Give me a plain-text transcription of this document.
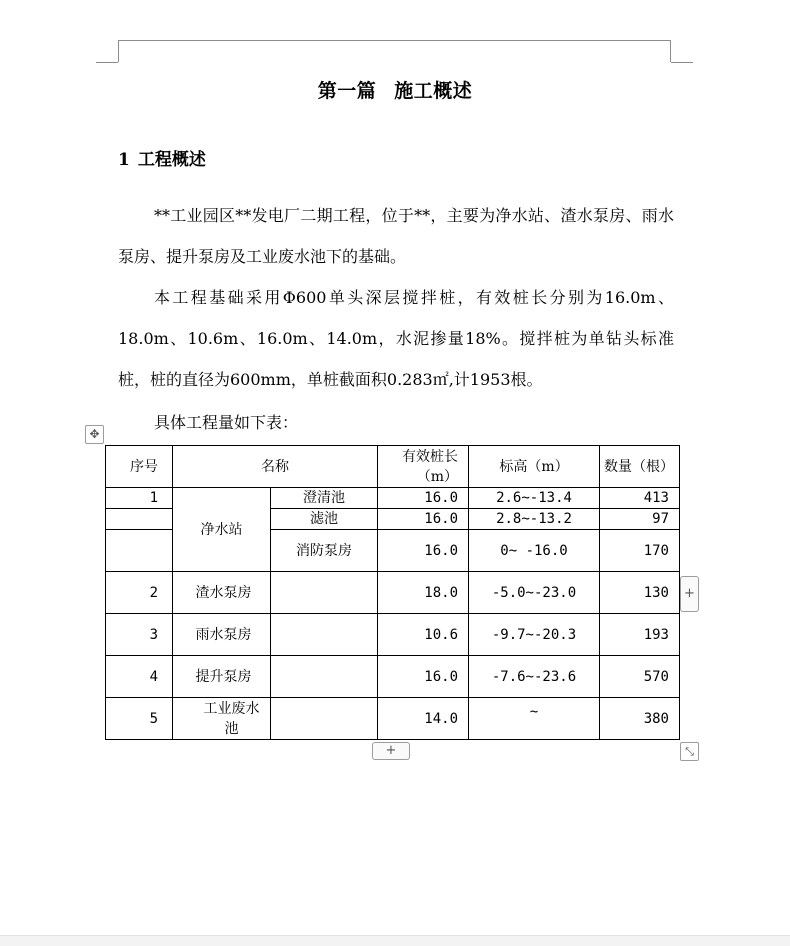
第一篇 施工概述
1 工程概述

**工业园区**发电厂二期工程，位于**，主要为净水站、渣水泵房、雨水泵房、提升泵房及工业废水池下的基础。

本工程基础采用Φ600单头深层搅拌桩，有效桩长分别为16.0m、18.0m、10.6m、16.0m、14.0m，水泥掺量18%。搅拌桩为单钻头标准桩，桩的直径为600mm，单桩截面积0.283㎡,计1953根。

具体工程量如下表：

✥
序号	名称		有效桩长（m）	标高（m）	数量（根）
1	净水站	澄清池	16.0	2.6~-13.4	413
		滤池	16.0	2.8~-13.2	97
		消防泵房	16.0	0~ -16.0	170
2	渣水泵房		18.0	-5.0~-23.0	130
3	雨水泵房		10.6	-9.7~-20.3	193
4	提升泵房		16.0	-7.6~-23.6	570
5	工业废水池		14.0	~	380
+
+	⤡
